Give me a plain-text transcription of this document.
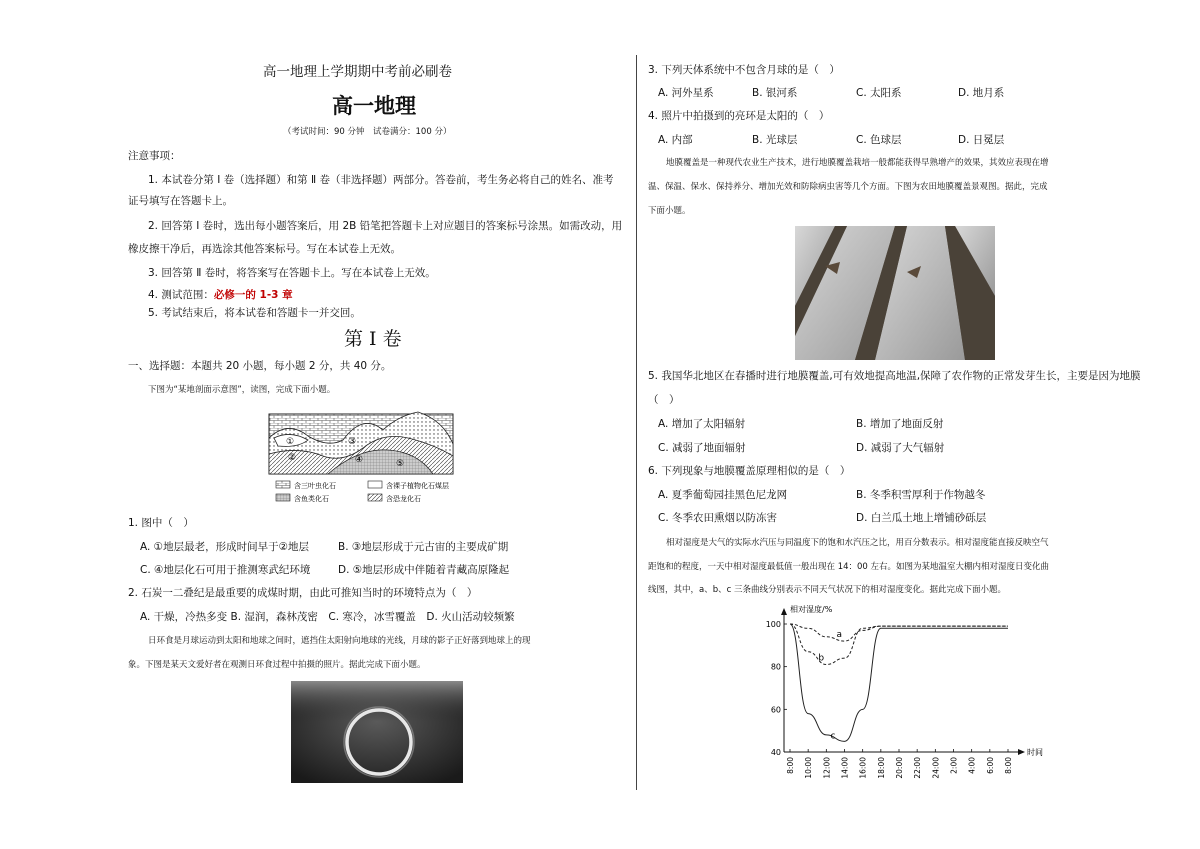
高一地理上学期期中考前必刷卷
高一地理
（考试时间：90 分钟　试卷满分：100 分）
注意事项：
1. 本试卷分第 Ⅰ 卷（选择题）和第 Ⅱ 卷（非选择题）两部分。答卷前，考生务必将自己的姓名、准考
证号填写在答题卡上。
2. 回答第 Ⅰ 卷时，选出每小题答案后，用 2B 铅笔把答题卡上对应题目的答案标号涂黑。如需改动，用
橡皮擦干净后，再选涂其他答案标号。写在本试卷上无效。
3. 回答第 Ⅱ 卷时，将答案写在答题卡上。写在本试卷上无效。
4. 测试范围：必修一的 1-3 章
5. 考试结束后，将本试卷和答题卡一并交回。
第 Ⅰ 卷
一、选择题：本题共 20 小题，每小题 2 分，共 40 分。
下图为“某地剖面示意图”，读图，完成下面小题。
①
②
③
④	⑤
含三叶虫化石	含裸子植物化石煤层
含鱼类化石	含恐龙化石
1. 图中（　）
A. ①地层最老，形成时间早于②地层	B. ③地层形成于元古宙的主要成矿期
C. ④地层化石可用于推测寒武纪环境	D. ⑤地层形成中伴随着青藏高原隆起
2. 石炭一二叠纪是最重要的成煤时期，由此可推知当时的环境特点为（　）
A. 干燥，冷热多变 B. 湿润，森林茂密　C. 寒冷，冰雪覆盖　D. 火山活动较频繁
日环食是月球运动到太阳和地球之间时，遮挡住太阳射向地球的光线，月球的影子正好落到地球上的现
象。下图是某天文爱好者在观测日环食过程中拍摄的照片。据此完成下面小题。
3. 下列天体系统中不包含月球的是（　）
A. 河外星系	B. 银河系	C. 太阳系	D. 地月系
4. 照片中拍摄到的亮环是太阳的（　）
A. 内部	B. 光球层	C. 色球层	D. 日冕层
地膜覆盖是一种现代农业生产技术，进行地膜覆盖栽培一般都能获得早熟增产的效果，其效应表现在增
温、保温、保水、保持养分、增加光效和防除病虫害等几个方面。下图为农田地膜覆盖景观图。据此，完成
下面小题。
5. 我国华北地区在春播时进行地膜覆盖,可有效地提高地温,保障了农作物的正常发芽生长，主要是因为地膜
（　）
A. 增加了太阳辐射	B. 增加了地面反射
C. 减弱了地面辐射	D. 减弱了大气辐射
6. 下列现象与地膜覆盖原理相似的是（　）
A. 夏季葡萄园挂黑色尼龙网	B. 冬季积雪厚利于作物越冬
C. 冬季农田熏烟以防冻害	D. 白兰瓜土地上增铺砂砾层
相对湿度是大气的实际水汽压与同温度下的饱和水汽压之比，用百分数表示。相对湿度能直接反映空气
距饱和的程度，一天中相对湿度最低值一般出现在 14：00 左右。如图为某地温室大棚内相对湿度日变化曲
线图，其中，a、b、c 三条曲线分别表示不同天气状况下的相对湿度变化。据此完成下面小题。
相对湿度/%
时间
40
60
80
100
8:00 10:00 12:00 14:00 16:00 18:00 20:00 22:00 24:00 2:00 4:00 6:00 8:00
a
b
c
